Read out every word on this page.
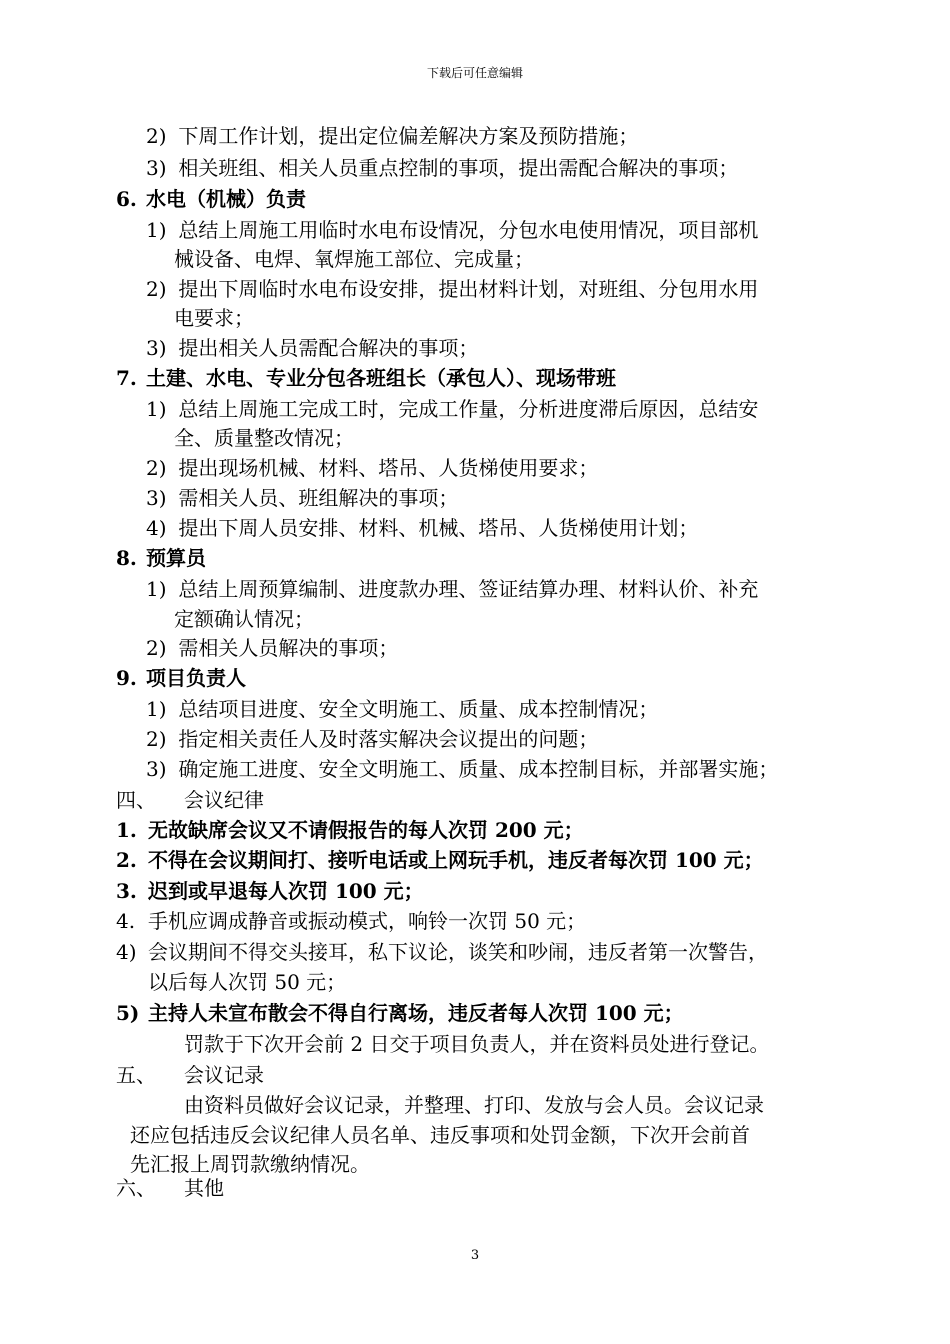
下载后可任意编辑
2) 下周工作计划，提出定位偏差解决方案及预防措施；
3) 相关班组、相关人员重点控制的事项，提出需配合解决的事项；
6. 水电（机械）负责
1) 总结上周施工用临时水电布设情况，分包水电使用情况，项目部机
械设备、电焊、氧焊施工部位、完成量；
2) 提出下周临时水电布设安排，提出材料计划，对班组、分包用水用
电要求；
3) 提出相关人员需配合解决的事项；
7. 土建、水电、专业分包各班组长（承包人）、现场带班
1) 总结上周施工完成工时，完成工作量，分析进度滞后原因，总结安
全、质量整改情况；
2) 提出现场机械、材料、塔吊、人货梯使用要求；
3) 需相关人员、班组解决的事项；
4) 提出下周人员安排、材料、机械、塔吊、人货梯使用计划；
8. 预算员
1) 总结上周预算编制、进度款办理、签证结算办理、材料认价、补充
定额确认情况；
2) 需相关人员解决的事项；
9. 项目负责人
1) 总结项目进度、安全文明施工、质量、成本控制情况；
2) 指定相关责任人及时落实解决会议提出的问题；
3) 确定施工进度、安全文明施工、质量、成本控制目标，并部署实施；
四、 会议纪律
1. 无故缺席会议又不请假报告的每人次罚 200 元；
2. 不得在会议期间打、接听电话或上网玩手机，违反者每次罚 100 元；
3. 迟到或早退每人次罚 100 元；
4. 手机应调成静音或振动模式，响铃一次罚 50 元；
4) 会议期间不得交头接耳，私下议论，谈笑和吵闹，违反者第一次警告，
以后每人次罚 50 元；
5) 主持人未宣布散会不得自行离场，违反者每人次罚 100 元；
罚款于下次开会前 2 日交于项目负责人，并在资料员处进行登记。
五、 会议记录
由资料员做好会议记录，并整理、打印、发放与会人员。会议记录
还应包括违反会议纪律人员名单、违反事项和处罚金额，下次开会前首
先汇报上周罚款缴纳情况。
六、 其他
3
